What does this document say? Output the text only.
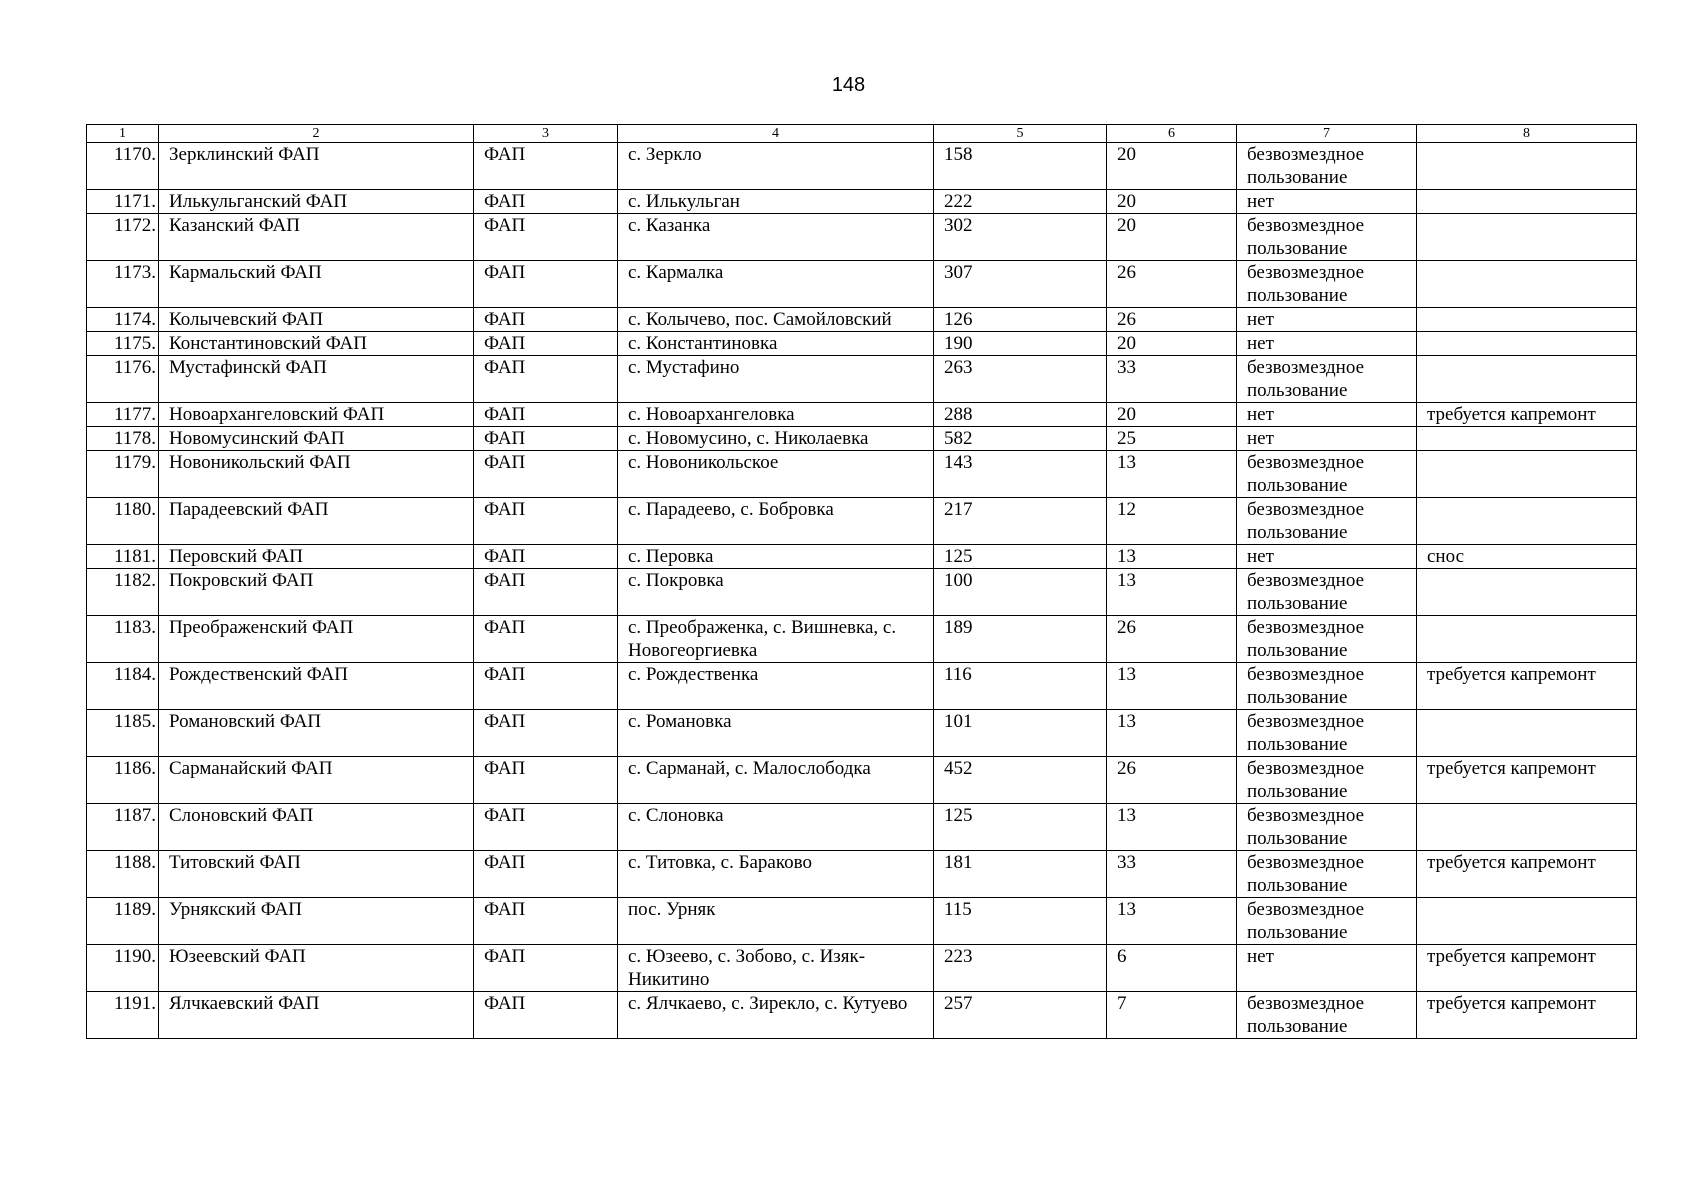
148
1	2	3	4	5	6	7	8
1170.	Зерклинский ФАП	ФАП	с. Зеркло	158	20	безвозмездное пользование	
1171.	Илькульганский ФАП	ФАП	с. Илькульган	222	20	нет	
1172.	Казанский ФАП	ФАП	с. Казанка	302	20	безвозмездное пользование	
1173.	Кармальский ФАП	ФАП	с. Кармалка	307	26	безвозмездное пользование	
1174.	Колычевский ФАП	ФАП	с. Колычево, пос. Самойловский	126	26	нет	
1175.	Константиновский ФАП	ФАП	с. Константиновка	190	20	нет	
1176.	Мустафинскй ФАП	ФАП	с. Мустафино	263	33	безвозмездное пользование	
1177.	Новоархангеловский ФАП	ФАП	с. Новоархангеловка	288	20	нет	требуется капремонт
1178.	Новомусинский ФАП	ФАП	с. Новомусино, с. Николаевка	582	25	нет	
1179.	Новоникольский ФАП	ФАП	с. Новоникольское	143	13	безвозмездное пользование	
1180.	Парадеевский ФАП	ФАП	с. Парадеево, с. Бобровка	217	12	безвозмездное пользование	
1181.	Перовский ФАП	ФАП	с. Перовка	125	13	нет	снос
1182.	Покровский ФАП	ФАП	с. Покровка	100	13	безвозмездное пользование	
1183.	Преображенский ФАП	ФАП	с. Преображенка, с. Вишневка, с. Новогеоргиевка	189	26	безвозмездное пользование	
1184.	Рождественский ФАП	ФАП	с. Рождественка	116	13	безвозмездное пользование	требуется капремонт
1185.	Романовский ФАП	ФАП	с. Романовка	101	13	безвозмездное пользование	
1186.	Сарманайский ФАП	ФАП	с. Сарманай, с. Малослободка	452	26	безвозмездное пользование	требуется капремонт
1187.	Слоновский ФАП	ФАП	с. Слоновка	125	13	безвозмездное пользование	
1188.	Титовский ФАП	ФАП	с. Титовка, с. Бараково	181	33	безвозмездное пользование	требуется капремонт
1189.	Урнякский ФАП	ФАП	пос. Урняк	115	13	безвозмездное пользование	
1190.	Юзеевский ФАП	ФАП	с. Юзеево, с. Зобово, с. Изяк-Никитино	223	6	нет	требуется капремонт
1191.	Ялчкаевский ФАП	ФАП	с. Ялчкаево, с. Зирекло, с. Кутуево	257	7	безвозмездное пользование	требуется капремонт
